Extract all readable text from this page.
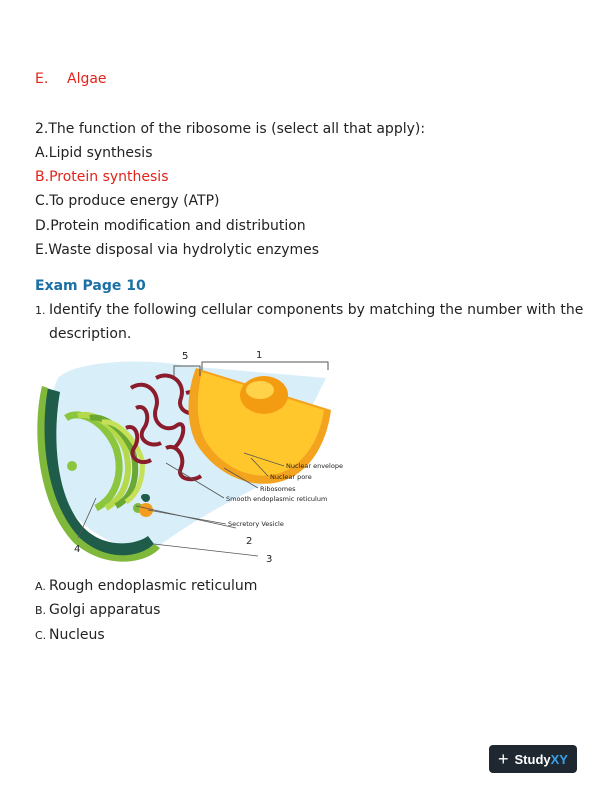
E. Algae
2.The function of the ribosome is (select all that apply):
A.Lipid synthesis
B.Protein synthesis
C.To produce energy (ATP)
D.Protein modification and distribution
E.Waste disposal via hydrolytic enzymes
Exam Page 10
1. Identify the following cellular components by matching the number with the
description.
5	1
Nuclear envelope
Nuclear pore
Ribosomes
Smooth endoplasmic reticulum
Secretory Vesicle
2
3
4
A. Rough endoplasmic reticulum
B. Golgi apparatus
C. Nucleus
+ StudyXY
